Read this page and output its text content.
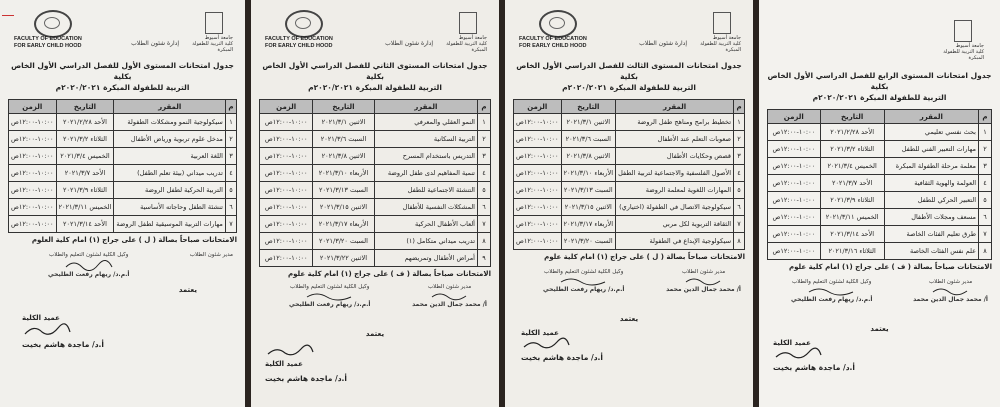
FACULTY OF EDUCATION
FOR EARLY CHILD HOOD	إدارة شئون الطلاب
جامعة أسيوط
كلية التربية للطفولة المبكرة
جدول امتحانات المستوى الأول للفصل الدراسي الأول الخاص بكلية
التربية للطفولة المبكرة ٢٠٢٠/٢٠٢١م
م	المقرر	التاريخ	الزمن
١	سيكولوجية النمو ومشكلات الطفولة	الأحد ٢٠٢١/٢/٢٨	١٠:٠٠-١٢:٠٠ص
٢	مدخل علوم تربوية ورياض الأطفال	الثلاثاء ٢٠٢١/٣/٢	١٠:٠٠-١٢:٠٠ص
٣	اللغة العربية	الخميس ٢٠٢١/٣/٤	١٠:٠٠-١٢:٠٠ص
٤	تدريب ميداني (بيئة تعلم الطفل)	الأحد ٢٠٢١/٣/٧	١٠:٠٠-١٢:٠٠ص
٥	التربية الحركية لطفل الروضة	الثلاثاء ٢٠٢١/٣/٩	١٠:٠٠-١٢:٠٠ص
٦	تنشئة الطفل وحاجاته الأساسية	الخميس ٢٠٢١/٣/١١	١٠:٠٠-١٢:٠٠ص
٧	مهارات التربية الموسيقية لطفل الروضة	الأحد ٢٠٢١/٣/١٤	١٠:٠٠-١٢:٠٠ص
الامتحانات صباحاً بصالة ( ل ) على جراج (١) امام كلية العلوم
مدير شئون الطلاب
وكيل الكلية لشئون التعليم والطلاب
أ.م.د/ ريهام رفعت الطليحي
يعتمد
عميد الكلية
أ.د/ ماجدة هاشم بخيت
FACULTY OF EDUCATION
FOR EARLY CHILD HOOD	إدارة شئون الطلاب
جامعة أسيوط
كلية التربية للطفولة المبكرة
جدول امتحانات المستوى الثاني للفصل الدراسي الأول الخاص بكلية
التربية للطفولة المبكرة ٢٠٢٠/٢٠٢١م
م	المقرر	التاريخ	الزمن
١	النمو العقلي والمعرفي	الاثنين ٢٠٢١/٣/١	١٠:٠٠-١٢:٠٠ص
٢	التربية السكانية	السبت ٢٠٢١/٣/٦	١٠:٠٠-١٢:٠٠ص
٣	التدريس باستخدام المسرح	الاثنين ٢٠٢١/٣/٨	١٠:٠٠-١٢:٠٠ص
٤	تنمية المفاهيم لدى طفل الروضة	الأربعاء ٢٠٢١/٣/١٠	١٠:٠٠-١٢:٠٠ص
٥	التنشئة الاجتماعية للطفل	السبت ٢٠٢١/٣/١٣	١٠:٠٠-١٢:٠٠ص
٦	المشكلات النفسية للأطفال	الاثنين ٢٠٢١/٣/١٥	١٠:٠٠-١٢:٠٠ص
٧	ألعاب الأطفال الحركية	الأربعاء ٢٠٢١/٣/١٧	١٠:٠٠-١٢:٠٠ص
٨	تدريب ميداني متكامل (١)	السبت ٢٠٢١/٣/٢٠	١٠:٠٠-١٢:٠٠ص
٩	أمراض الأطفال وتمريضهم	الاثنين ٢٠٢١/٣/٢٢	١٠:٠٠-١٢:٠٠ص
الامتحانات صباحاً بصالة ( ف ) على جراج (١) امام كلية علوم
مدير شئون الطلاب
أ/ محمد جمال الدين محمد
وكيل الكلية لشئون التعليم والطلاب
أ.م.د/ ريهام رفعت الطليحي
يعتمد
عميد الكلية
أ.د/ ماجدة هاشم بخيت
FACULTY OF EDUCATION
FOR EARLY CHILD HOOD	إدارة شئون الطلاب
جامعة أسيوط
كلية التربية للطفولة المبكرة
جدول امتحانات المستوى الثالث للفصل الدراسي الأول الخاص بكلية
التربية للطفولة المبكرة ٢٠٢٠/٢٠٢١م
م	المقرر	التاريخ	الزمن
١	تخطيط برامج ومناهج طفل الروضة	الاثنين ٢٠٢١/٣/١	١٠:٠٠-١٢:٠٠ص
٢	صعوبات التعلم عند الأطفال	السبت ٢٠٢١/٣/٦	١٠:٠٠-١٢:٠٠ص
٣	قصص وحكايات الأطفال	الاثنين ٢٠٢١/٣/٨	١٠:٠٠-١٢:٠٠ص
٤	الأصول الفلسفية والاجتماعية لتربية الطفل	الأربعاء ٢٠٢١/٣/١٠	١٠:٠٠-١٢:٠٠ص
٥	المهارات اللغوية لمعلمة الروضة	السبت ٢٠٢١/٣/١٣	١٠:٠٠-١٢:٠٠ص
٦	سيكولوجية الاتصال في الطفولة (اختياري)	الاثنين ٢٠٢١/٣/١٥	١٠:٠٠-١٢:٠٠ص
٧	الثقافة التربوية لكل مربي	الأربعاء ٢٠٢١/٣/١٧	١٠:٠٠-١٢:٠٠ص
٨	سيكولوجية الإبداع في الطفولة	السبت ٢٠٢١/٣/٢٠	١٠:٠٠-١٢:٠٠ص
الامتحانات صباحاً بصالة ( ل ) على جراج (١) امام كلية علوم
مدير شئون الطلاب
أ/ محمد جمال الدين محمد
وكيل الكلية لشئون التعليم والطلاب
أ.م.د/ ريهام رفعت الطليحي
يعتمد
عميد الكلية
أ.د/ ماجدة هاشم بخيت
جامعة أسيوط
كلية التربية للطفولة المبكرة
جدول امتحانات المستوى الرابع للفصل الدراسي الأول الخاص بكلية
التربية للطفولة المبكرة ٢٠٢٠/٢٠٢١م
م	المقرر	التاريخ	الزمن
١	بحث نفسي تعليمي	الأحد ٢٠٢١/٢/٢٨	١٠:٠٠-١٢:٠٠ص
٢	مهارات التعبير الفني للطفل	الثلاثاء ٢٠٢١/٣/٢	١٠:٠٠-١٢:٠٠ص
٣	معلمة مرحلة الطفولة المبكرة	الخميس ٢٠٢١/٣/٤	١٠:٠٠-١٢:٠٠ص
٤	العولمة والهوية الثقافية	الأحد ٢٠٢١/٣/٧	١٠:٠٠-١٢:٠٠ص
٥	التعبير الحركي للطفل	الثلاثاء ٢٠٢١/٣/٩	١٠:٠٠-١٢:٠٠ص
٦	مسعف ومجلات الأطفال	الخميس ٢٠٢١/٣/١١	١٠:٠٠-١٢:٠٠ص
٧	طرق تعليم الفئات الخاصة	الأحد ٢٠٢١/٣/١٤	١٠:٠٠-١٢:٠٠ص
٨	علم نفس الفئات الخاصة	الثلاثاء ٢٠٢١/٣/١٦	١٠:٠٠-١٢:٠٠ص
الامتحانات صباحاً بصالة ( ف ) على جراج (١) امام كلية علوم
مدير شئون الطلاب
أ/ محمد جمال الدين محمد
وكيل الكلية لشئون التعليم والطلاب
أ.م.د/ ريهام رفعت الطليحي
يعتمد
عميد الكلية
أ.د/ ماجدة هاشم بخيت
